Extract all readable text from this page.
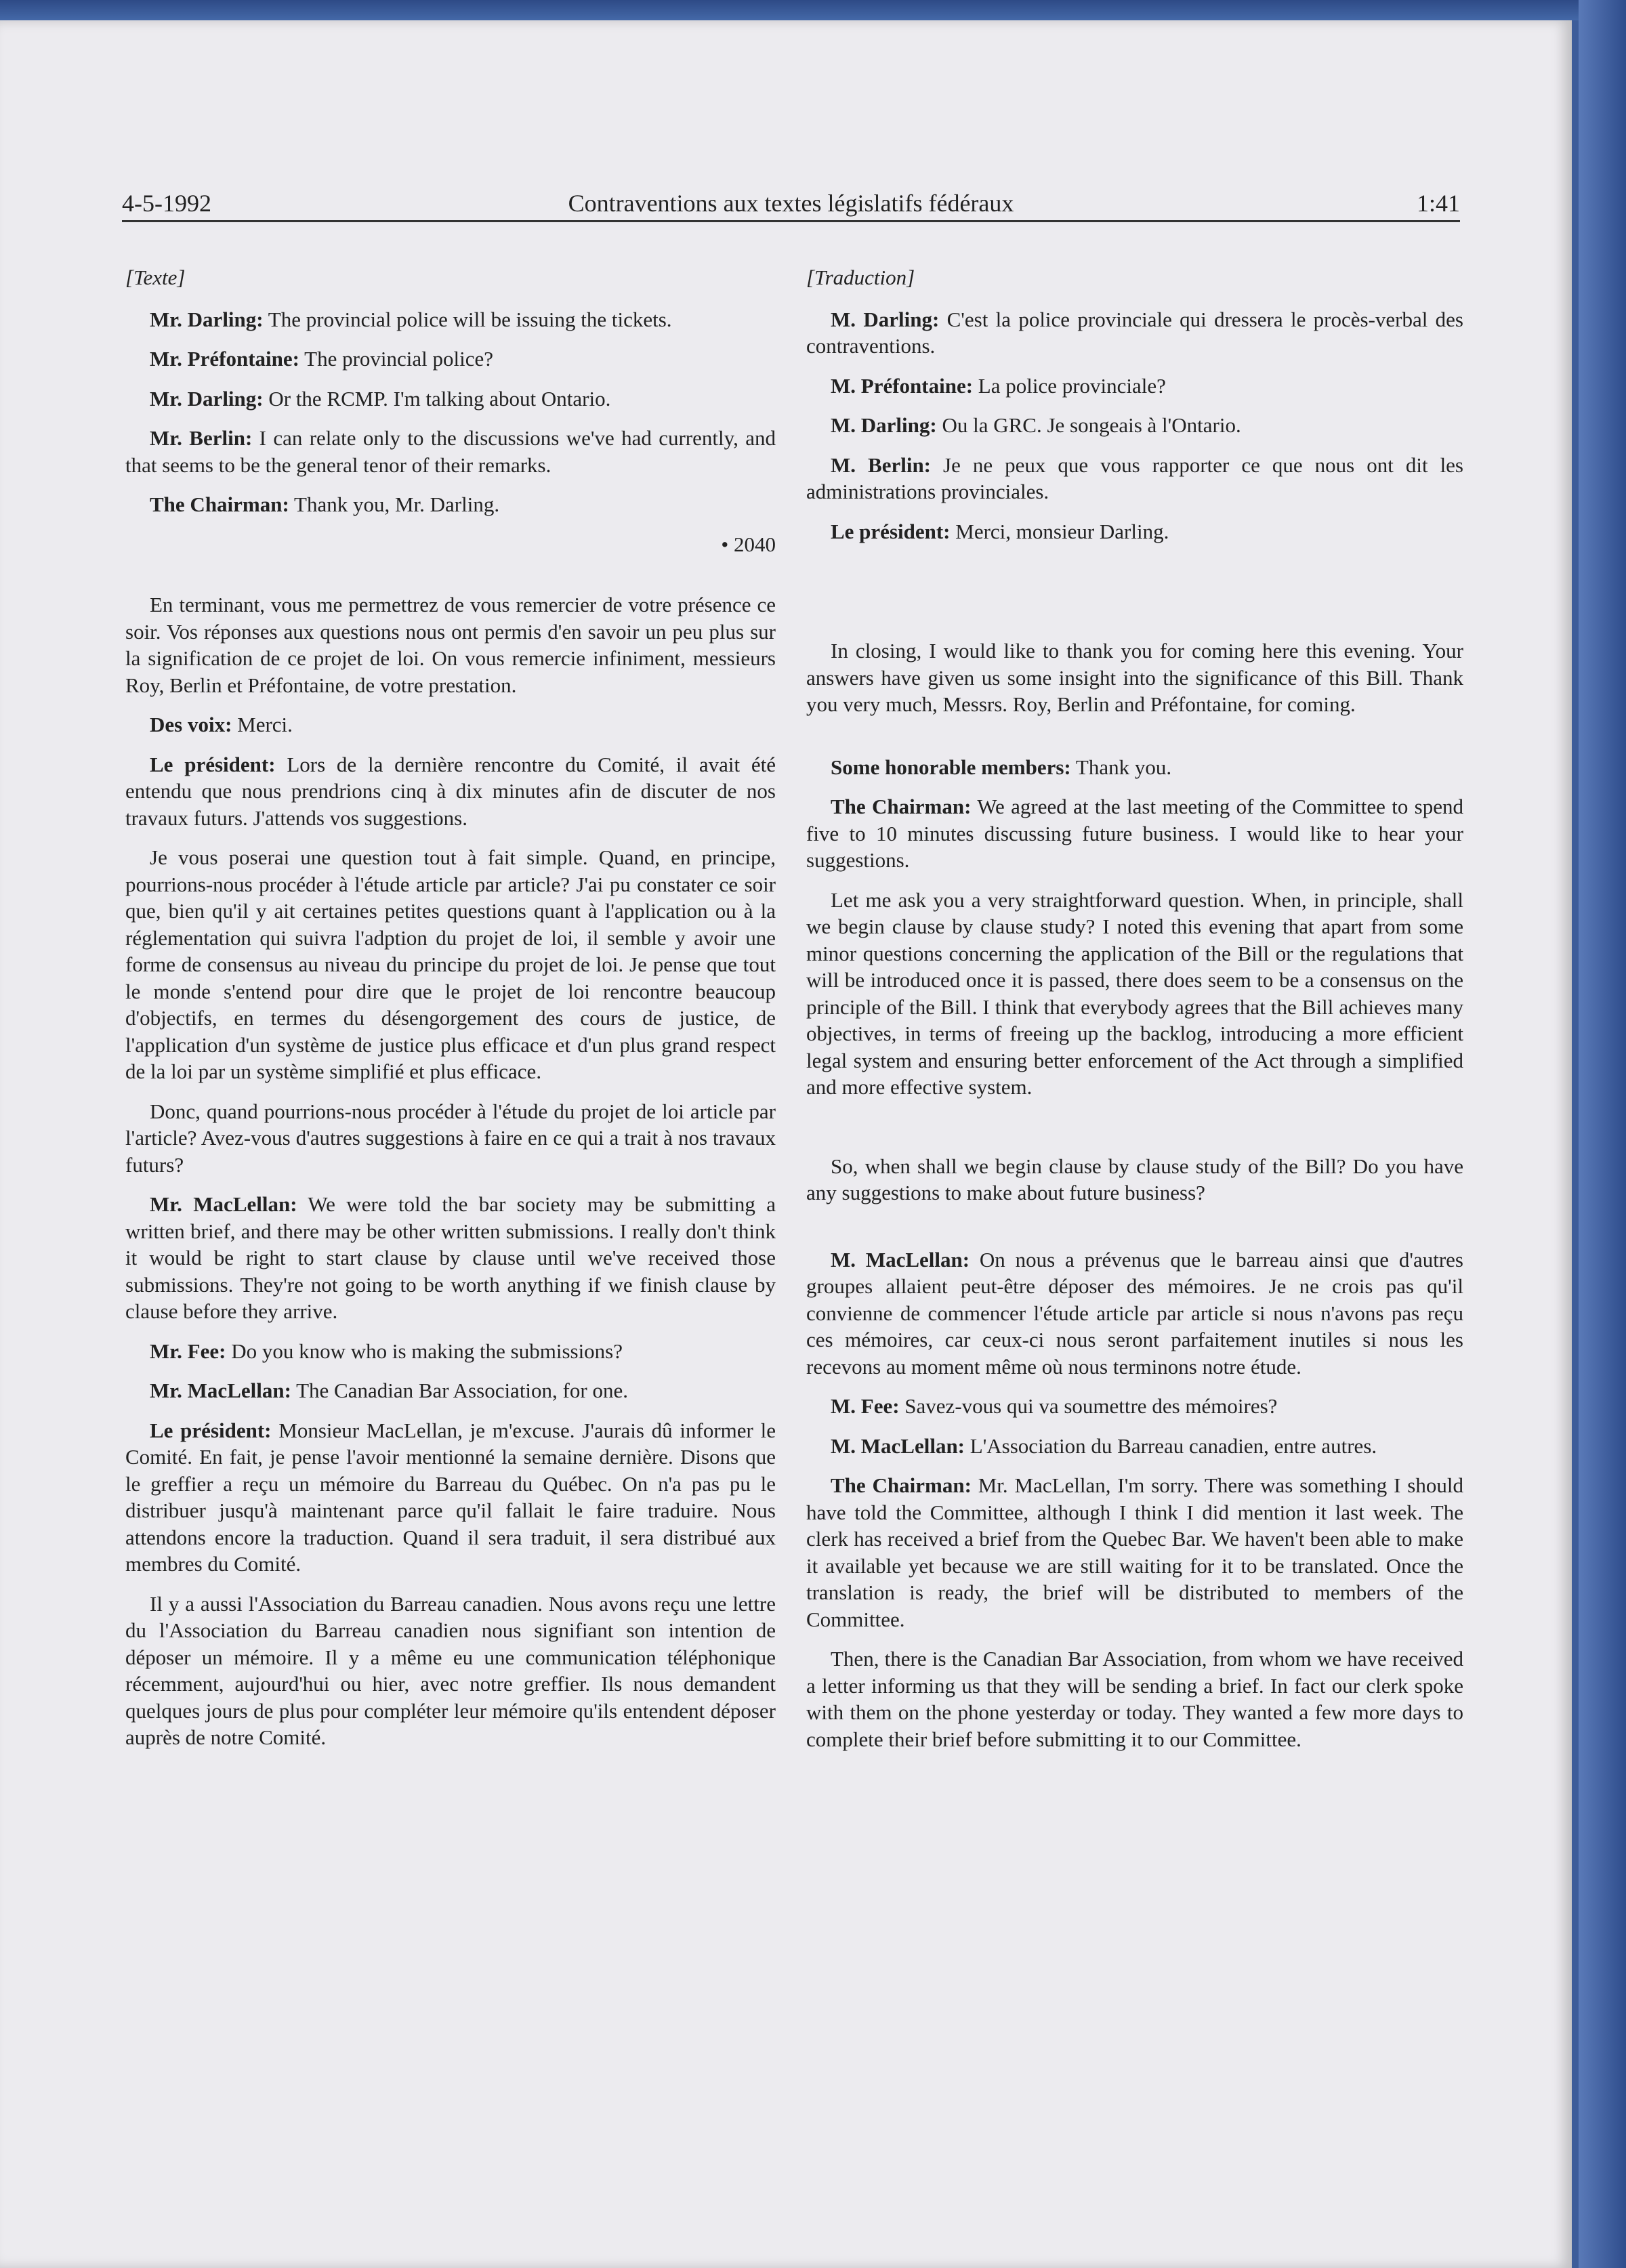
4-5-1992	Contraventions aux textes législatifs fédéraux	1:41

[Texte]

Mr. Darling: The provincial police will be issuing the tickets.

Mr. Préfontaine: The provincial police?

Mr. Darling: Or the RCMP. I'm talking about Ontario.

Mr. Berlin: I can relate only to the discussions we've had currently, and that seems to be the general tenor of their remarks.

The Chairman: Thank you, Mr. Darling.

• 2040

En terminant, vous me permettrez de vous remercier de votre présence ce soir. Vos réponses aux questions nous ont permis d'en savoir un peu plus sur la signification de ce projet de loi. On vous remercie infiniment, messieurs Roy, Berlin et Préfontaine, de votre prestation.

Des voix: Merci.

Le président: Lors de la dernière rencontre du Comité, il avait été entendu que nous prendrions cinq à dix minutes afin de discuter de nos travaux futurs. J'attends vos suggestions.

Je vous poserai une question tout à fait simple. Quand, en principe, pourrions-nous procéder à l'étude article par article? J'ai pu constater ce soir que, bien qu'il y ait certaines petites questions quant à l'application ou à la réglementation qui suivra l'adption du projet de loi, il semble y avoir une forme de consensus au niveau du principe du projet de loi. Je pense que tout le monde s'entend pour dire que le projet de loi rencontre beaucoup d'objectifs, en termes du désengorgement des cours de justice, de l'application d'un système de justice plus efficace et d'un plus grand respect de la loi par un système simplifié et plus efficace.

Donc, quand pourrions-nous procéder à l'étude du projet de loi article par l'article? Avez-vous d'autres suggestions à faire en ce qui a trait à nos travaux futurs?

Mr. MacLellan: We were told the bar society may be submitting a written brief, and there may be other written submissions. I really don't think it would be right to start clause by clause until we've received those submissions. They're not going to be worth anything if we finish clause by clause before they arrive.

Mr. Fee: Do you know who is making the submissions?

Mr. MacLellan: The Canadian Bar Association, for one.

Le président: Monsieur MacLellan, je m'excuse. J'aurais dû informer le Comité. En fait, je pense l'avoir mentionné la semaine dernière. Disons que le greffier a reçu un mémoire du Barreau du Québec. On n'a pas pu le distribuer jusqu'à maintenant parce qu'il fallait le faire traduire. Nous attendons encore la traduction. Quand il sera traduit, il sera distribué aux membres du Comité.

Il y a aussi l'Association du Barreau canadien. Nous avons reçu une lettre du l'Association du Barreau canadien nous signifiant son intention de déposer un mémoire. Il y a même eu une communication téléphonique récemment, aujourd'hui ou hier, avec notre greffier. Ils nous demandent quelques jours de plus pour compléter leur mémoire qu'ils entendent déposer auprès de notre Comité.

[Traduction]

M. Darling: C'est la police provinciale qui dressera le procès-verbal des contraventions.

M. Préfontaine: La police provinciale?

M. Darling: Ou la GRC. Je songeais à l'Ontario.

M. Berlin: Je ne peux que vous rapporter ce que nous ont dit les administrations provinciales.

Le président: Merci, monsieur Darling.

In closing, I would like to thank you for coming here this evening. Your answers have given us some insight into the significance of this Bill. Thank you very much, Messrs. Roy, Berlin and Préfontaine, for coming.

Some honorable members: Thank you.

The Chairman: We agreed at the last meeting of the Committee to spend five to 10 minutes discussing future business. I would like to hear your suggestions.

Let me ask you a very straightforward question. When, in principle, shall we begin clause by clause study? I noted this evening that apart from some minor questions concerning the application of the Bill or the regulations that will be introduced once it is passed, there does seem to be a consensus on the principle of the Bill. I think that everybody agrees that the Bill achieves many objectives, in terms of freeing up the backlog, introducing a more efficient legal system and ensuring better enforcement of the Act through a simplified and more effective system.

So, when shall we begin clause by clause study of the Bill? Do you have any suggestions to make about future business?

M. MacLellan: On nous a prévenus que le barreau ainsi que d'autres groupes allaient peut-être déposer des mémoires. Je ne crois pas qu'il convienne de commencer l'étude article par article si nous n'avons pas reçu ces mémoires, car ceux-ci nous seront parfaitement inutiles si nous les recevons au moment même où nous terminons notre étude.

M. Fee: Savez-vous qui va soumettre des mémoires?

M. MacLellan: L'Association du Barreau canadien, entre autres.

The Chairman: Mr. MacLellan, I'm sorry. There was something I should have told the Committee, although I think I did mention it last week. The clerk has received a brief from the Quebec Bar. We haven't been able to make it available yet because we are still waiting for it to be translated. Once the translation is ready, the brief will be distributed to members of the Committee.

Then, there is the Canadian Bar Association, from whom we have received a letter informing us that they will be sending a brief. In fact our clerk spoke with them on the phone yesterday or today. They wanted a few more days to complete their brief before submitting it to our Committee.
